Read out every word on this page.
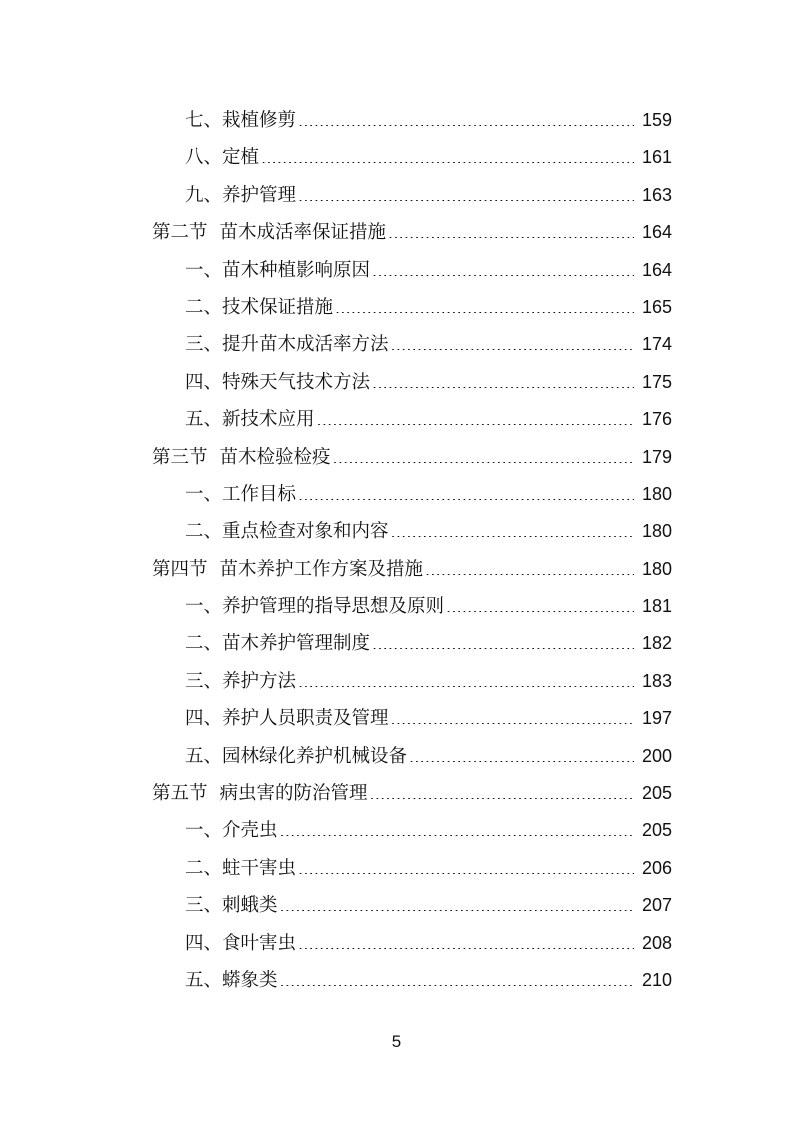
七、栽植修剪 .....	159
八、定植 .....	161
九、养护管理 .....	163
第二节 苗木成活率保证措施 .....	164
一、苗木种植影响原因 .....	164
二、技术保证措施 .....	165
三、提升苗木成活率方法 .....	174
四、特殊天气技术方法 .....	175
五、新技术应用 .....	176
第三节 苗木检验检疫 .....	179
一、工作目标 .....	180
二、重点检查对象和内容 .....	180
第四节 苗木养护工作方案及措施 .....	180
一、养护管理的指导思想及原则 .....	181
二、苗木养护管理制度 .....	182
三、养护方法 .....	183
四、养护人员职责及管理 .....	197
五、园林绿化养护机械设备 .....	200
第五节 病虫害的防治管理 .....	205
一、介壳虫 .....	205
二、蛀干害虫 .....	206
三、刺蛾类 .....	207
四、食叶害虫 .....	208
五、蟒象类 .....	210
5
